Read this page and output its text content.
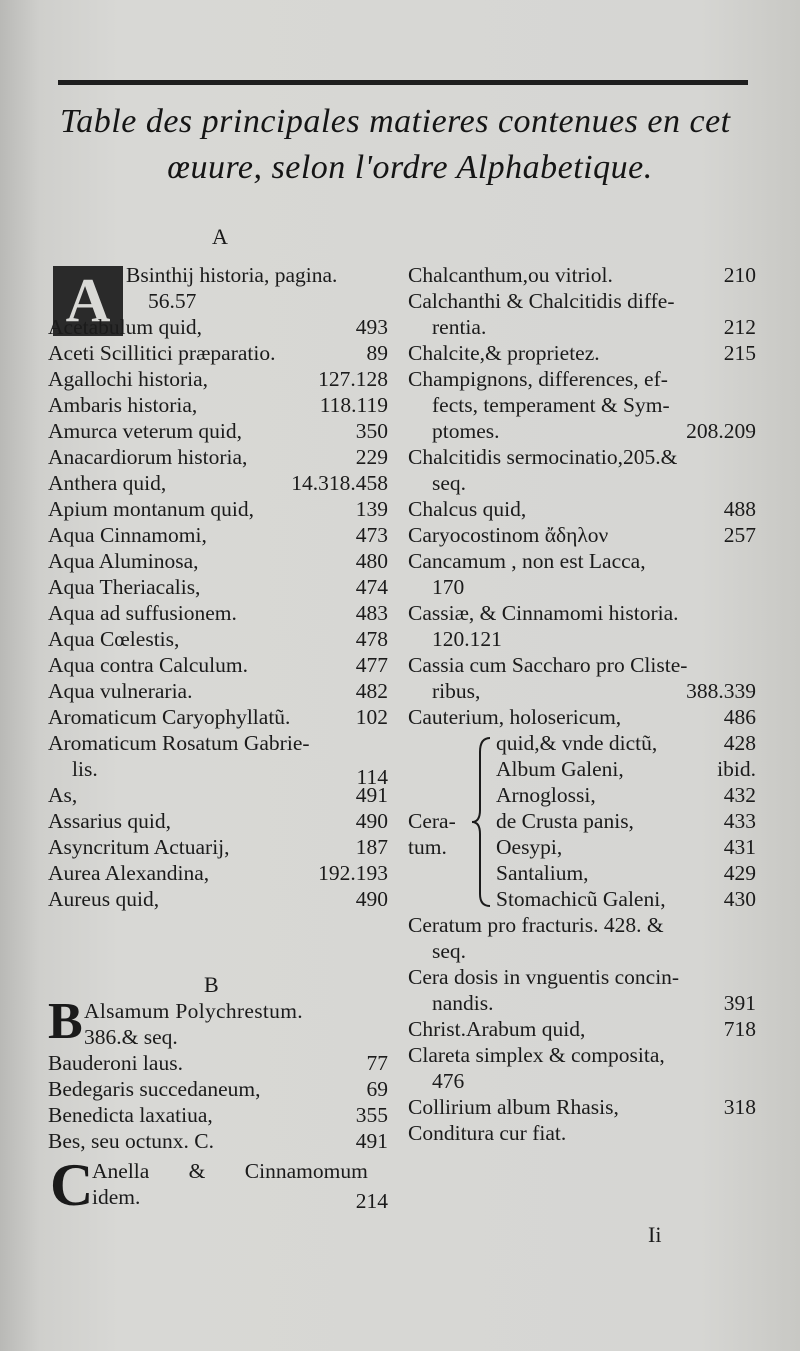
Table des principales matieres contenues en cet
œuure, selon l'ordre Alphabetique.
A
A Bsinthij historia, pagina.
56.57
Acetabulum quid,	493
Aceti Scillitici præparatio.	89
Agallochi historia,	127.128
Ambaris historia,	118.119
Amurca veterum quid,	350
Anacardiorum historia,	229
Anthera quid,	14.318.458
Apium montanum quid,	139
Aqua Cinnamomi,	473
Aqua Aluminosa,	480
Aqua Theriacalis,	474
Aqua ad suffusionem.	483
Aqua Cœlestis,	478
Aqua contra Calculum.	477
Aqua vulneraria.	482
Aromaticum Caryophyllatũ.	102
Aromaticum Rosatum Gabrie-
lis.	114
As,	491
Assarius quid,	490
Asyncritum Actuarij,	187
Aurea Alexandina,	192.193
Aureus quid,	490
B
B Alsamum Polychrestum.
386.& seq.
Bauderoni laus.	77
Bedegaris succedaneum,	69
Benedicta laxatiua,	355
Bes, seu octunx. C.	491
C
Anella & Cinnamomum
idem.	214
Chalcanthum,ou vitriol.	210
Calchanthi & Chalcitidis diffe-
rentia.	212
Chalcite,& proprietez.	215
Champignons, differences, ef-
fects, temperament & Sym-
ptomes.	208.209
Chalcitidis sermocinatio,205.&
seq.
Chalcus quid,	488
Caryocostinom ἄδηλον	257
Cancamum , non est Lacca,
170
Cassiæ, & Cinnamomi historia.
120.121
Cassia cum Saccharo pro Cliste-
ribus,	388.339
Cauterium, holosericum,	486
Cera-
tum.
quid,& vnde dictũ,	428
Album Galeni,	ibid.
Arnoglossi,	432
de Crusta panis,	433
Oesypi,	431
Santalium,	429
Stomachicũ Galeni,	430
Ceratum pro fracturis. 428. &
seq.
Cera dosis in vnguentis concin-
nandis.	391
Christ.Arabum quid,	718
Clareta simplex & composita,
476
Collirium album Rhasis,	318
Conditura cur fiat.
Ii
